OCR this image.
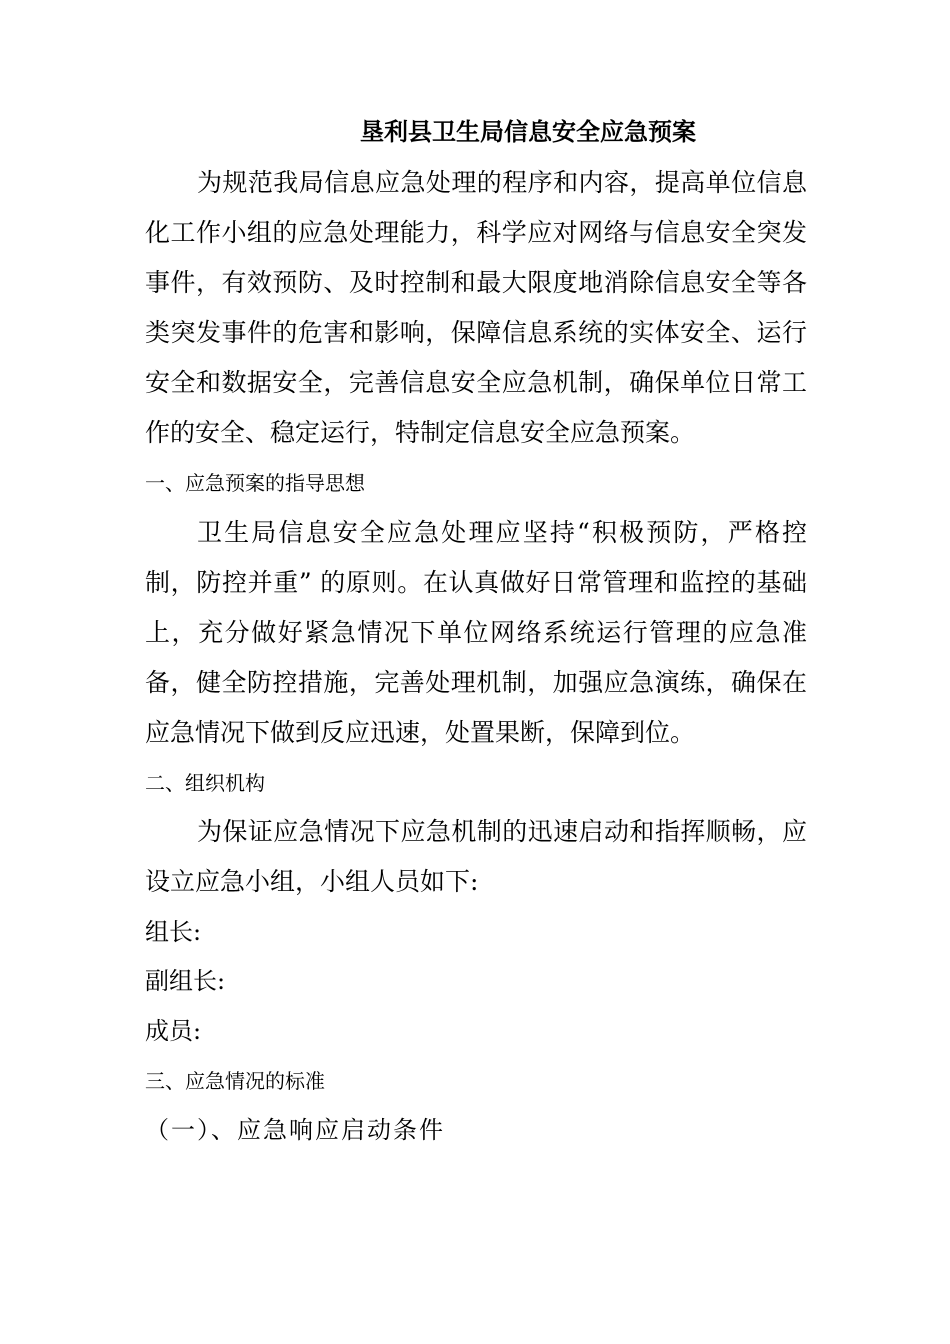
垦利县卫生局信息安全应急预案

为规范我局信息应急处理的程序和内容，提高单位信息化工作小组的应急处理能力，科学应对网络与信息安全突发事件，有效预防、及时控制和最大限度地消除信息安全等各类突发事件的危害和影响，保障信息系统的实体安全、运行安全和数据安全，完善信息安全应急机制，确保单位日常工作的安全、稳定运行，特制定信息安全应急预案。

一、应急预案的指导思想

卫生局信息安全应急处理应坚持“积极预防，严格控制，防控并重” 的原则。在认真做好日常管理和监控的基础上，充分做好紧急情况下单位网络系统运行管理的应急准备，健全防控措施，完善处理机制，加强应急演练，确保在应急情况下做到反应迅速，处置果断，保障到位。

二、组织机构

为保证应急情况下应急机制的迅速启动和指挥顺畅，应设立应急小组，小组人员如下:

组长:
副组长:
成员:
三、应急情况的标准
（一）、应急响应启动条件
